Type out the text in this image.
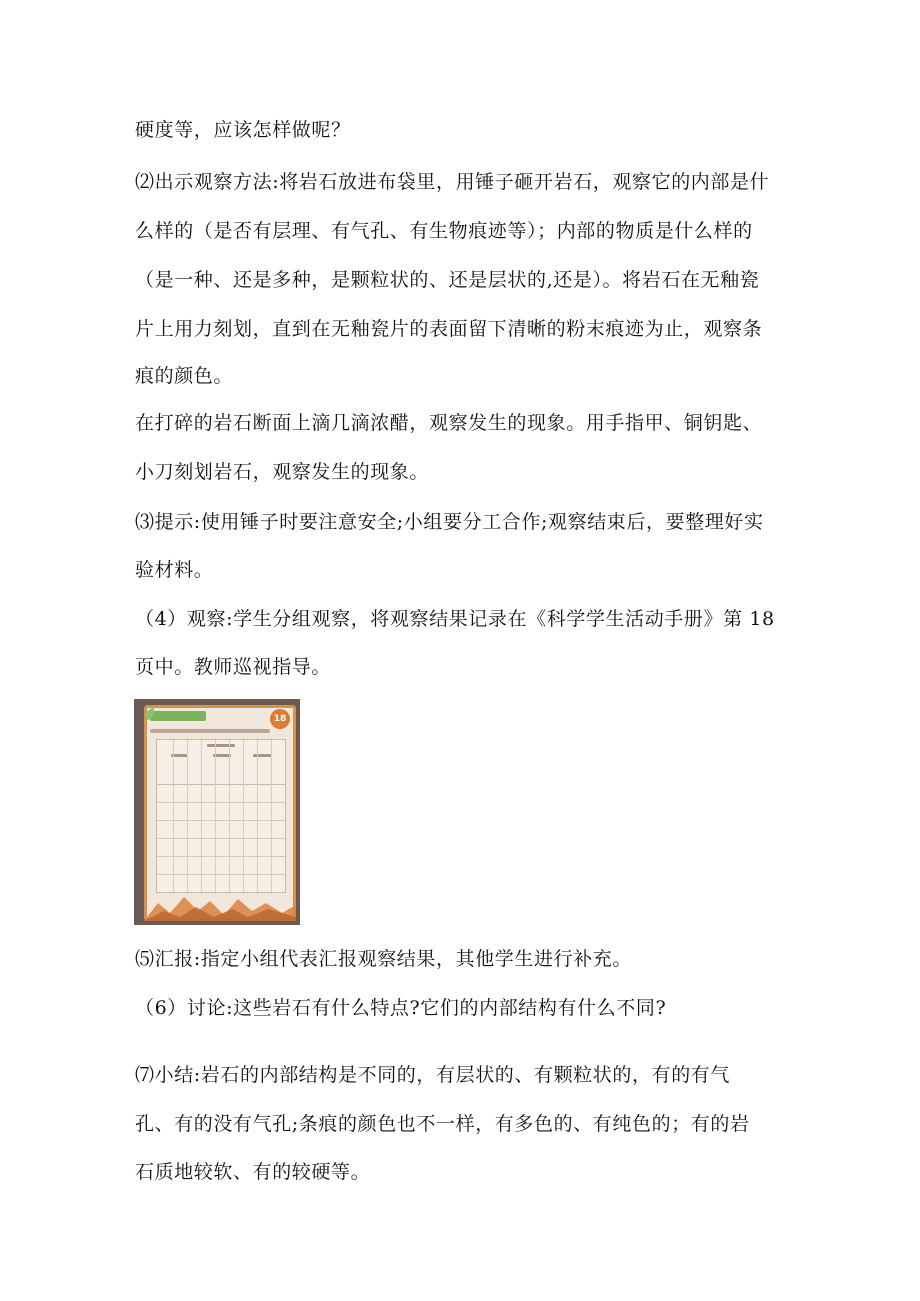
硬度等，应该怎样做呢？
⑵出示观察方法:将岩石放进布袋里，用锤子砸开岩石，观察它的内部是什
么样的（是否有层理、有气孔、有生物痕迹等）；内部的物质是什么样的
（是一种、还是多种，是颗粒状的、还是层状的,还是）。将岩石在无釉瓷
片上用力刻划，直到在无釉瓷片的表面留下清晰的粉末痕迹为止，观察条
痕的颜色。
在打碎的岩石断面上滴几滴浓醋，观察发生的现象。用手指甲、铜钥匙、
小刀刻划岩石，观察发生的现象。
⑶提示:使用锤子时要注意安全;小组要分工合作;观察结束后，要整理好实
验材料。
（4）观察:学生分组观察，将观察结果记录在《科学学生活动手册》第 18
页中。教师巡视指导。
18
⑸汇报:指定小组代表汇报观察结果，其他学生进行补充。
（6）讨论:这些岩石有什么特点?它们的内部结构有什么不同?
⑺小结:岩石的内部结构是不同的，有层状的、有颗粒状的，有的有气
孔、有的没有气孔;条痕的颜色也不一样，有多色的、有纯色的；有的岩
石质地较软、有的较硬等。
